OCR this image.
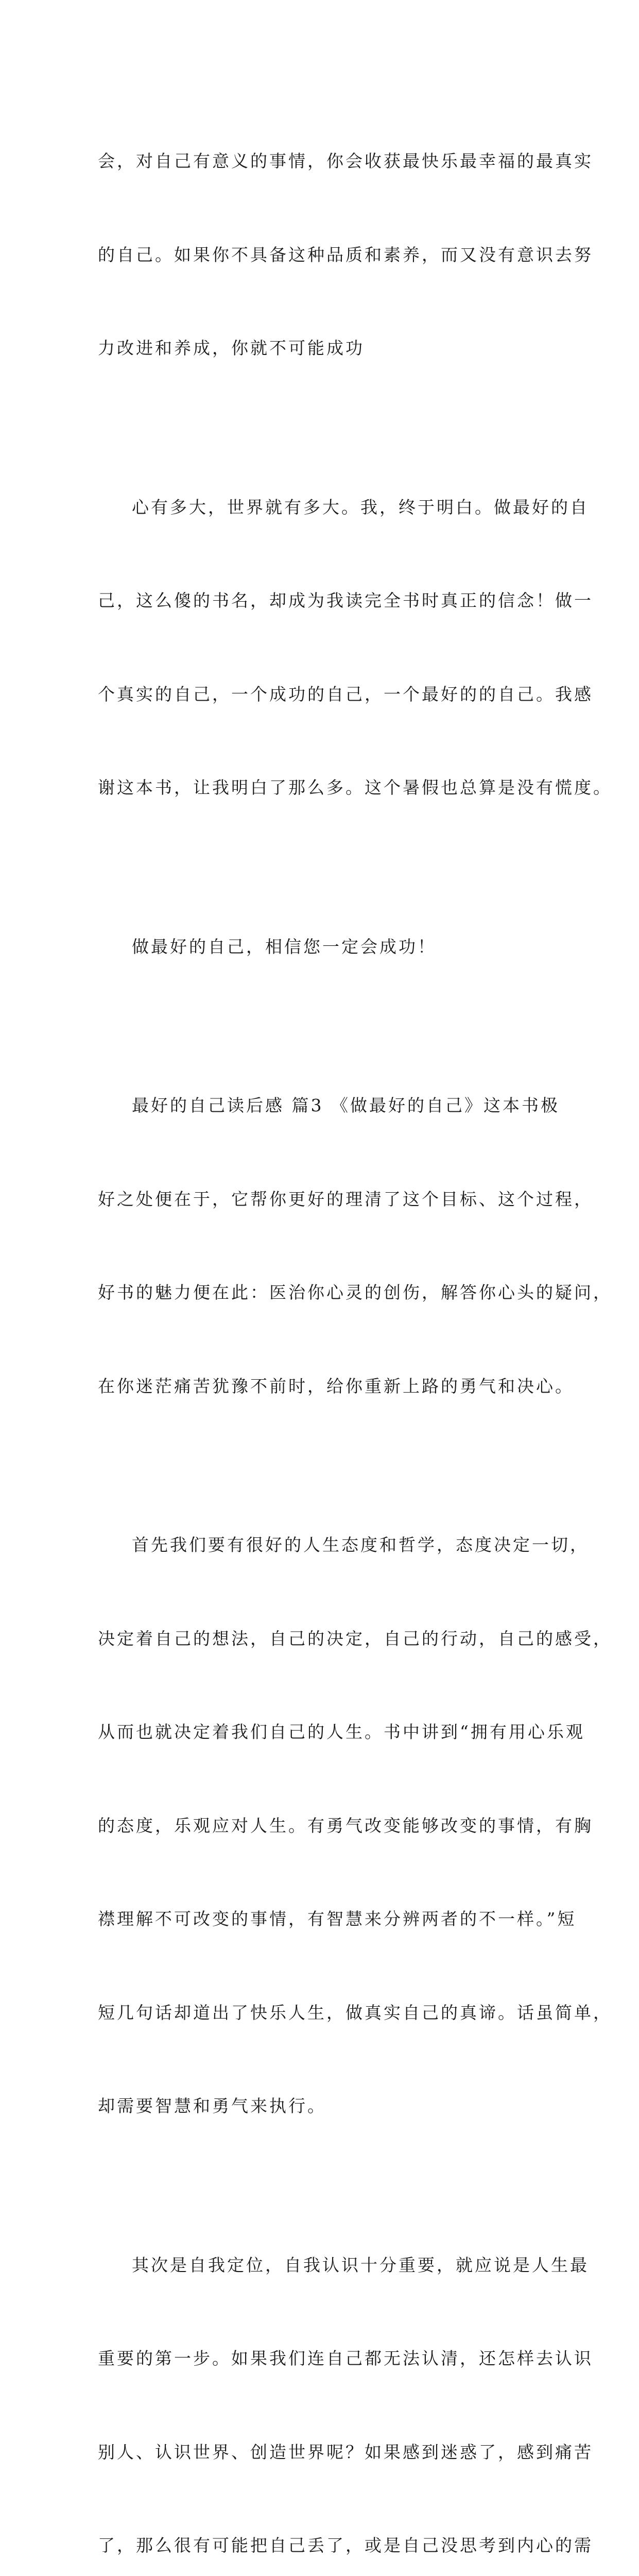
会，对自己有意义的事情，你会收获最快乐最幸福的最真实

的自己。如果你不具备这种品质和素养，而又没有意识去努

力改进和养成，你就不可能成功

心有多大，世界就有多大。我，终于明白。做最好的自

己，这么傻的书名，却成为我读完全书时真正的信念！做一

个真实的自己，一个成功的自己，一个最好的的自己。我感

谢这本书，让我明白了那么多。这个暑假也总算是没有慌度。

做最好的自己，相信您一定会成功！

最好的自己读后感 篇3 《做最好的自己》这本书极

好之处便在于，它帮你更好的理清了这个目标、这个过程，

好书的魅力便在此：医治你心灵的创伤，解答你心头的疑问，

在你迷茫痛苦犹豫不前时，给你重新上路的勇气和决心。

首先我们要有很好的人生态度和哲学，态度决定一切，

决定着自己的想法，自己的决定，自己的行动，自己的感受，

从而也就决定着我们自己的人生。书中讲到“拥有用心乐观

的态度，乐观应对人生。有勇气改变能够改变的事情，有胸

襟理解不可改变的事情，有智慧来分辨两者的不一样。”短

短几句话却道出了快乐人生，做真实自己的真谛。话虽简单，

却需要智慧和勇气来执行。

其次是自我定位，自我认识十分重要，就应说是人生最

重要的第一步。如果我们连自己都无法认清，还怎样去认识

别人、认识世界、创造世界呢？如果感到迷惑了，感到痛苦

了，那么很有可能把自己丢了，或是自己没思考到内心的需
